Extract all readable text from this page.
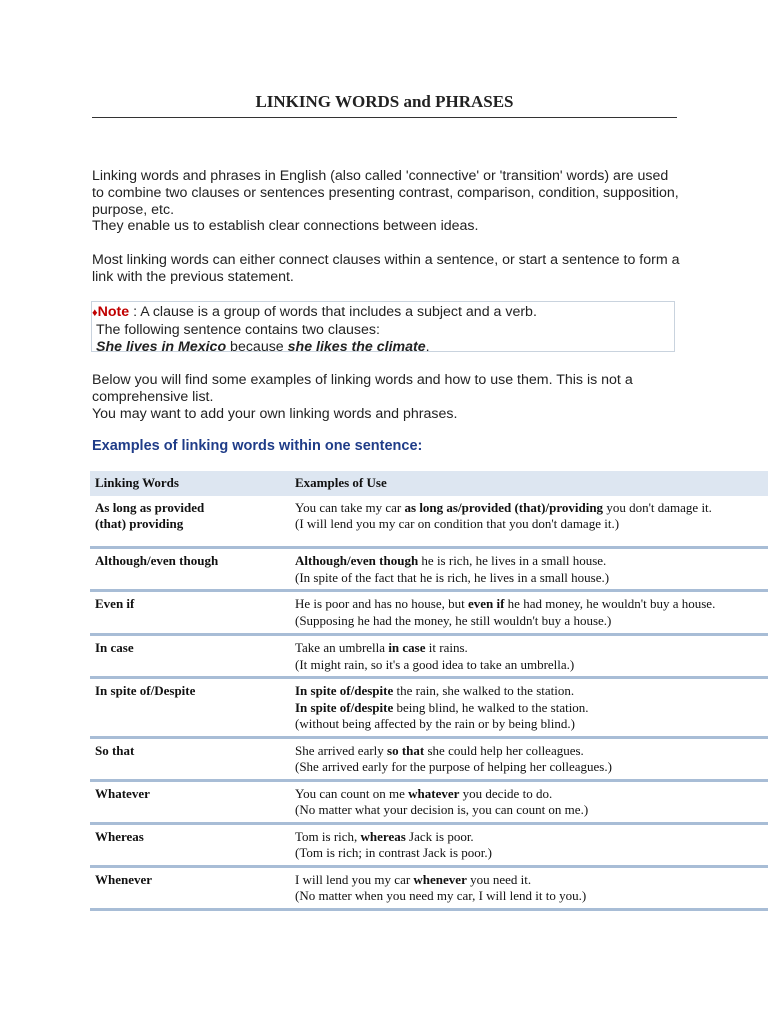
LINKING WORDS and PHRASES
Linking words and phrases in English (also called 'connective' or 'transition' words) are used to combine two clauses or sentences presenting contrast, comparison, condition, supposition, purpose, etc.
They enable us to establish clear connections between ideas.
Most linking words can either connect clauses within a sentence, or start a sentence to form a link with the previous statement.
♦Note : A clause is a group of words that includes a subject and a verb.
The following sentence contains two clauses:
She lives in Mexico because she likes the climate.
Below you will find some examples of linking words and how to use them. This is not a comprehensive list.
You may want to add your own linking words and phrases.
Examples of linking words within one sentence:
Linking Words	Examples of Use

As long as provided (that) providing	You can take my car as long as/provided (that)/providing you don't damage it.
(I will lend you my car on condition that you don't damage it.)

Although/even though	Although/even though he is rich, he lives in a small house.
(In spite of the fact that he is rich, he lives in a small house.)

Even if	He is poor and has no house, but even if he had money, he wouldn't buy a house.
(Supposing he had the money, he still wouldn't buy a house.)

In case	Take an umbrella in case it rains.
(It might rain, so it's a good idea to take an umbrella.)

In spite of/Despite	In spite of/despite the rain, she walked to the station.
In spite of/despite being blind, he walked to the station.
(without being affected by the rain or by being blind.)

So that	She arrived early so that she could help her colleagues.
(She arrived early for the purpose of helping her colleagues.)

Whatever	You can count on me whatever you decide to do.
(No matter what your decision is, you can count on me.)

Whereas	Tom is rich, whereas Jack is poor.
(Tom is rich; in contrast Jack is poor.)

Whenever	I will lend you my car whenever you need it.
(No matter when you need my car, I will lend it to you.)
